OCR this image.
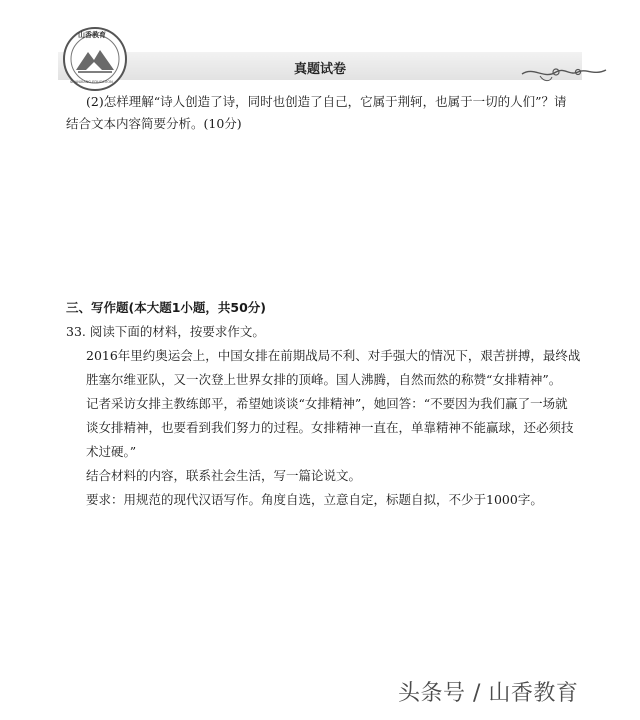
山香教育
SHANXIANG EDUCATION
真题试卷
(2)怎样理解“诗人创造了诗，同时也创造了自己，它属于荆轲，也属于一切的人们”？请
结合文本内容简要分析。(10分)
三、写作题(本大题1小题，共50分)
33. 阅读下面的材料，按要求作文。
2016年里约奥运会上，中国女排在前期战局不利、对手强大的情况下，艰苦拼搏，最终战
胜塞尔维亚队，又一次登上世界女排的顶峰。国人沸腾，自然而然的称赞“女排精神”。
记者采访女排主教练郎平，希望她谈谈“女排精神”，她回答：“不要因为我们赢了一场就
谈女排精神，也要看到我们努力的过程。女排精神一直在，单靠精神不能赢球，还必须技
术过硬。”
结合材料的内容，联系社会生活，写一篇论说文。
要求：用规范的现代汉语写作。角度自选，立意自定，标题自拟，不少于1000字。
头条号 / 山香教育
